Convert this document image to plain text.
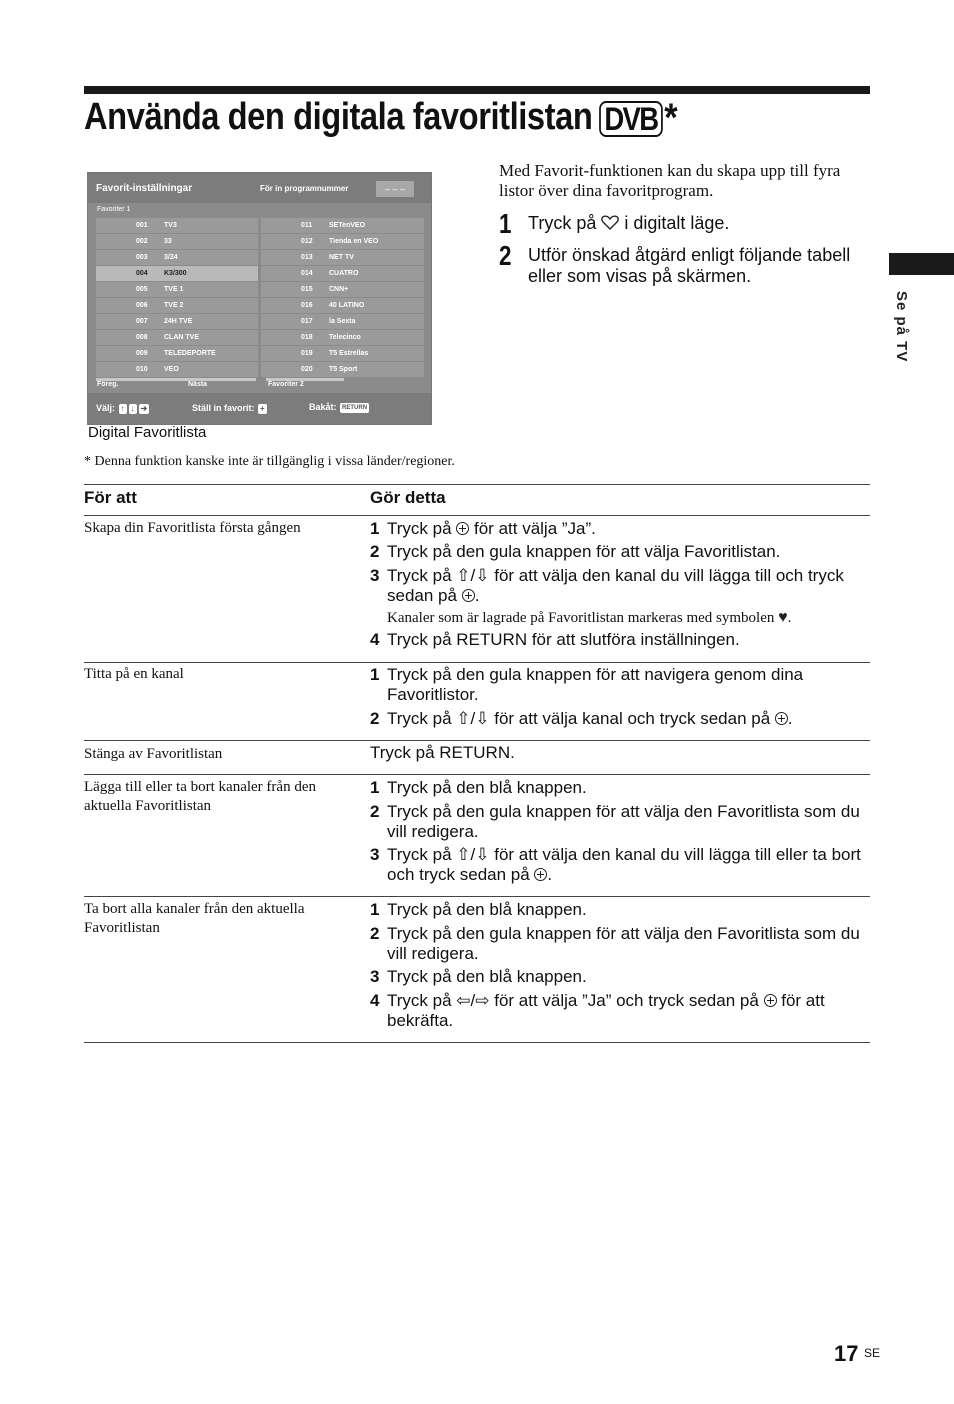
Använda den digitala favoritlistan DVB *
Favorit-inställningar	För in programnummer	– – –
Favoriter 1
001 TV3
002 33
003 3/24
004 K3/300
005 TVE 1
006 TVE 2
007 24H TVE
008 CLAN TVE
009 TELEDEPORTE
010 VEO
011 SETenVEO
012 Tienda en VEO
013 NET TV
014 CUATRO
015 CNN+
016 40 LATINO
017 la Sexta
018 Telecinco
019 T5 Estrellas
020 T5 Sport
Föreg.	Nästa	Favoriter 2
Välj: ↑ ↓ ➔	Ställ in favorit: +	Bakåt: RETURN
Digital Favoritlista
Med Favorit-funktionen kan du skapa upp till fyra listor över dina favoritprogram.
1 Tryck på  i digitalt läge.
2 Utför önskad åtgärd enligt följande tabell eller som visas på skärmen.
Se på TV
* Denna funktion kanske inte är tillgänglig i vissa länder/regioner.
För att	Gör detta
Skapa din Favoritlista första gången	1 Tryck på  för att välja ”Ja”.
2 Tryck på den gula knappen för att välja Favoritlistan.
3 Tryck på ⇧/⇩ för att välja den kanal du vill lägga till och tryck sedan på .
Kanaler som är lagrade på Favoritlistan markeras med symbolen ♥.
4 Tryck på RETURN för att slutföra inställningen.
Titta på en kanal	1 Tryck på den gula knappen för att navigera genom dina Favoritlistor.
2 Tryck på ⇧/⇩ för att välja kanal och tryck sedan på .
Stänga av Favoritlistan	Tryck på RETURN.
Lägga till eller ta bort kanaler från den aktuella Favoritlistan
1 Tryck på den blå knappen.
2 Tryck på den gula knappen för att välja den Favoritlista som du vill redigera.
3 Tryck på ⇧/⇩ för att välja den kanal du vill lägga till eller ta bort och tryck sedan på .
Ta bort alla kanaler från den aktuella Favoritlistan
1 Tryck på den blå knappen.
2 Tryck på den gula knappen för att välja den Favoritlista som du vill redigera.
3 Tryck på den blå knappen.
4 Tryck på ⇦/⇨ för att välja ”Ja” och tryck sedan på  för att bekräfta.
17 SE
